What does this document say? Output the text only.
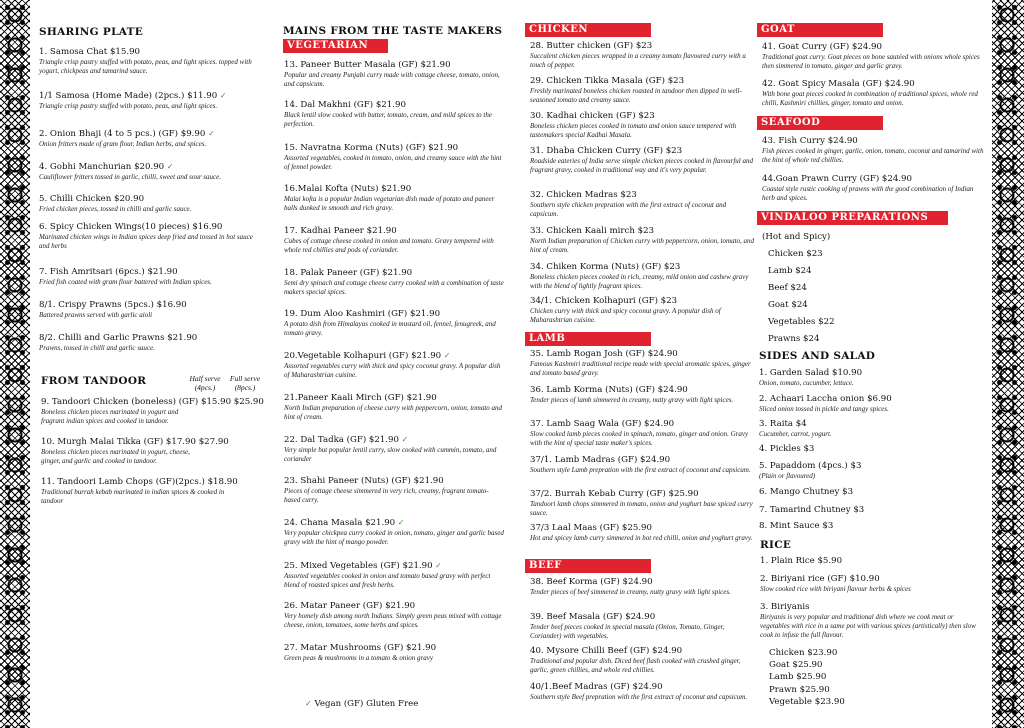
SHARING PLATE
1. Samosa Chat $15.90
Triangle crisp pastry stuffed with potato, peas, and light spices. topped with yogurt, chickpeas and tamarind sauce.
1/1 Samosa (Home Made) (2pcs.) $11.90 ✓
Triangle crisp pastry stuffed with potato, peas, and light spices.
2. Onion Bhaji (4 to 5 pcs.) (GF) $9.90 ✓
Onion fritters made of gram flour, Indian herbs, and spices.
4. Gobhi Manchurian $20.90 ✓
Cauliflower fritters tossed in garlic, chilli, sweet and sour sauce.
5. Chilli Chicken $20.90
Fried chicken pieces, tossed in chilli and garlic sauce.
6. Spicy Chicken Wings(10 pieces) $16.90
Marinated chicken wings in Indian spices deep fried and tossed in hot sauce and herbs
7. Fish Amritsari (6pcs.) $21.90
Fried fish coated with gram flour battered with Indian spices.
8/1. Crispy Prawns (5pcs.) $16.90
Battered prawns served with garlic aioli
8/2. Chilli and Garlic Prawns $21.90
Prawns, tossed in chilli and garlic sauce.
FROM TANDOOR	Half serve (4pcs.)
Full serve (8pcs.)
9. Tandoori Chicken (boneless) (GF) $15.90 $25.90
Boneless chicken pieces marinated in yogurt and fragrant indian spices and cooked in tandoor.
10. Murgh Malai Tikka (GF) $17.90 $27.90
Boneless chicken pieces marinated in yogurt, cheese, ginger, and garlic and cooked in tandoor.
11. Tandoori Lamb Chops (GF)(2pcs.) $18.90
Traditional burrah kebab marinated in indian spices & cooked in tandoor
MAINS FROM THE TASTE MAKERS
VEGETARIAN
13. Paneer Butter Masala (GF) $21.90
Popular and creamy Punjabi curry made with cottage cheese, tomato, onion, and capsicum.
14. Dal Makhni (GF) $21.90
Black lentil slow cooked with butter, tomato, cream, and mild spices to the perfection.
15. Navratna Korma (Nuts) (GF) $21.90
Assorted vegetables, cooked in tomato, onion, and creamy sauce with the hint of fennel powder.
16.Malai Kofta (Nuts) $21.90
Malai kofta is a popular Indian vegetarian dish made of potato and paneer balls dunked in smooth and rich gravy.
17. Kadhai Paneer $21.90
Cubes of cottage cheese cooked in onion and tomato. Gravy tempered with whole red chillies and pods of coriander.
18. Palak Paneer (GF) $21.90
Semi dry spinach and cottage cheese curry cooked with a combination of taste makers special spices.
19. Dum Aloo Kashmiri (GF) $21.90
A potato dish from Himalayas cooked in mustard oil, fennel, fenugreek, and tomato gravy.
20.Vegetable Kolhapuri (GF) $21.90 ✓
Assorted vegetables curry with thick and spicy coconut gravy. A popular dish of Maharashtrian cuisine.
21.Paneer Kaali Mirch (GF) $21.90
North Indian preparation of cheese curry with peppercorn, onion, tomato and hint of cream.
22. Dal Tadka (GF) $21.90 ✓
Very simple but popular lentil curry, slow cooked with cummin, tomato, and coriander
23. Shahi Paneer (Nuts) (GF) $21.90
Pieces of cottage cheese simmered in very rich, creamy, fragrant tomato-based curry.
24. Chana Masala $21.90 ✓
Very popular chickpea curry cooked in onion, tomato, ginger and garlic based gravy with the hint of mango powder.
25. Mixed Vegetables (GF) $21.90 ✓
Assorted vegetables cooked in onion and tomato based gravy with perfect blend of roasted spices and fresh herbs.
26. Matar Paneer (GF) $21.90
Very homely dish among north Indians. Simply green peas mixed with cottage cheese, onion, tomatoes, some herbs and spices.
27. Matar Mushrooms (GF) $21.90
Green peas & mushrooms in a tomato & onion gravy
✓ Vegan (GF) Gluten Free
CHICKEN
28. Butter chicken (GF) $23
Succulent chicken pieces wrapped in a creamy tomato flavoured curry with a touch of pepper.
29. Chicken Tikka Masala (GF) $23
Freshly marinated boneless chicken roasted in tandoor then dipped in well-seasoned tomato and creamy sauce.
30. Kadhai chicken (GF) $23
Boneless chicken pieces cooked in tomato and onion sauce tempered with tastemakers special Kadhai Masala.
31. Dhaba Chicken Curry (GF) $23
Roadside eateries of India serve simple chicken pieces cooked in flavourful and fragrant gravy, cooked in traditional way and it's very popular.
32. Chicken Madras $23
Southern style chicken prepration with the first extract of coconut and capsicum.
33. Chicken Kaali mirch $23
North Indian preparation of Chicken curry with peppercorn, onion, tomato, and hint of cream.
34. Chiken Korma (Nuts) (GF) $23
Boneless chicken pieces cooked in rich, creamy, mild onion and cashew gravy with the blend of lightly fragrant spices.
34/1. Chicken Kolhapuri (GF) $23
Chicken curry with thick and spicy coconut gravy. A popular dish of Maharashtrian cuisine.
LAMB
35. Lamb Rogan Josh (GF) $24.90
Famous Kashmiri traditional recipe made with special aromatic spices, ginger and tomato based gravy.
36. Lamb Korma (Nuts) (GF) $24.90
Tender pieces of lamb simmered in creamy, nutty gravy with light spices.
37. Lamb Saag Wala (GF) $24.90
Slow cooked lamb pieces cooked in spinach, tomato, ginger and onion. Gravy with the hint of special taste maker's spices.
37/1. Lamb Madras (GF) $24.90
Southern style Lamb prepration with the first extract of coconut and capsicum.
37/2. Burrah Kebab Curry (GF) $25.90
Tandoori lamb chops simmered in tomato, onion and yoghurt base spiced curry sauce.
37/3 Laal Maas (GF) $25.90
Hot and spicey lamb curry simmered in hot red chilli, onion and yoghurt gravy.
BEEF
38. Beef Korma (GF) $24.90
Tender pieces of beef simmered in creamy, nutty gravy with light spices.
39. Beef Masala (GF) $24.90
Tender beef pieces cooked in special masala (Onion, Tomato, Ginger, Coriander) with vegetables.
40. Mysore Chilli Beef (GF) $24.90
Traditional and popular dish. Diced beef flash cooked with crushed ginger, garlic, green chillies, and whole red chillies.
40/1.Beef Madras (GF) $24.90
Southern style Beef prepration with the first extract of coconut and capsicum.
GOAT
41. Goat Curry (GF) $24.90
Traditional goat curry. Goat pieces on bone sautéed with onions whole spices then simmered in tomato, ginger and garlic gravy.
42. Goat Spicy Masala (GF) $24.90
With bone goat pieces cooked in combination of traditional spices, whole red chilli, Kashmiri chillies, ginger, tomato and onion.
SEAFOOD
43. Fish Curry $24.90
Fish pieces cooked in ginger, garlic, onion, tomato, coconut and tamarind with the hint of whole red chillies.
44.Goan Prawn Curry (GF) $24.90
Coastal style rustic cooking of prawns with the good combination of Indian herb and spices.
VINDALOO PREPARATIONS
(Hot and Spicy)
Chicken $23
Lamb $24
Beef $24
Goat $24
Vegetables $22
Prawns $24
SIDES AND SALAD
1. Garden Salad $10.90
Onion, tomato, cucumber, lettuce.
2. Achaari Laccha onion $6.90
Sliced onion tossed in pickle and tangy spices.
3. Raita $4
Cucumber, carrot, yogurt.
4. Pickles $3
5. Papaddom (4pcs.) $3
(Plain or flavoured)
6. Mango Chutney $3
7. Tamarind Chutney $3
8. Mint Sauce $3
RICE
1. Plain Rice $5.90
2. Biriyani rice (GF) $10.90
Slow cooked rice with biriyani flavour herbs & spices
3. Biriyanis
Biriyanis is very popular and traditional dish where we cook meat or vegetables with rice in a same pot with various spices (artistically) then slow cook to infuse the full flavour.
Chicken $23.90
Goat $25.90
Lamb $25.90
Prawn $25.90
Vegetable $23.90
